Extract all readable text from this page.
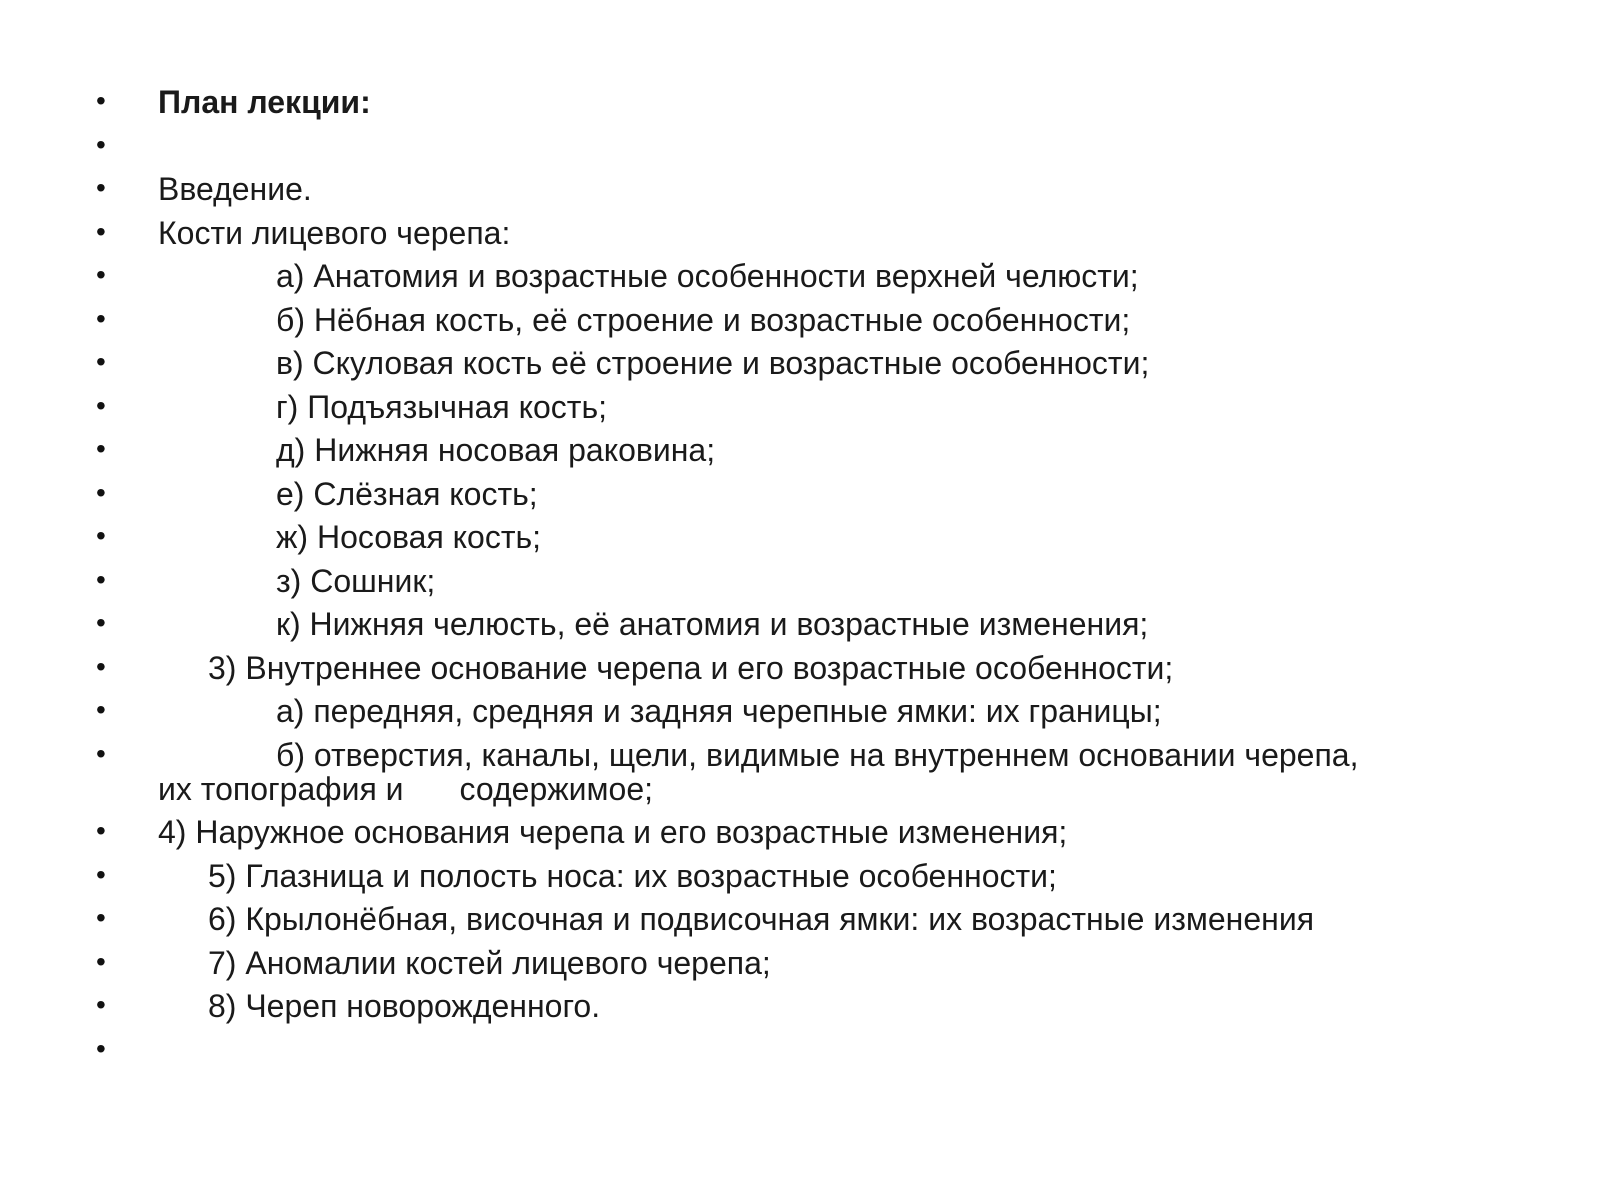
• План лекции:
•
• Введение.
• Кости лицевого черепа:
•	а) Анатомия и возрастные особенности верхней челюсти;
•	б) Нёбная кость, её строение и возрастные особенности;
•	в) Скуловая кость её строение и возрастные особенности;
•	г) Подъязычная кость;
•	д) Нижняя носовая раковина;
•	е) Слёзная кость;
•	ж) Носовая кость;
•	з) Сошник;
•	к) Нижняя челюсть, её анатомия и возрастные изменения;
•	3) Внутреннее основание черепа и его возрастные особенности;
•	а) передняя, средняя и задняя черепные ямки: их границы;
•	б) отверстия, каналы, щели, видимые на внутреннем основании черепа,
их топография и содержимое;
• 4) Наружное основания черепа и его возрастные изменения;
•	5) Глазница и полость носа: их возрастные особенности;
•	6) Крылонёбная, височная и подвисочная ямки: их возрастные изменения
•	7) Аномалии костей лицевого черепа;
•	8) Череп новорожденного.
•
